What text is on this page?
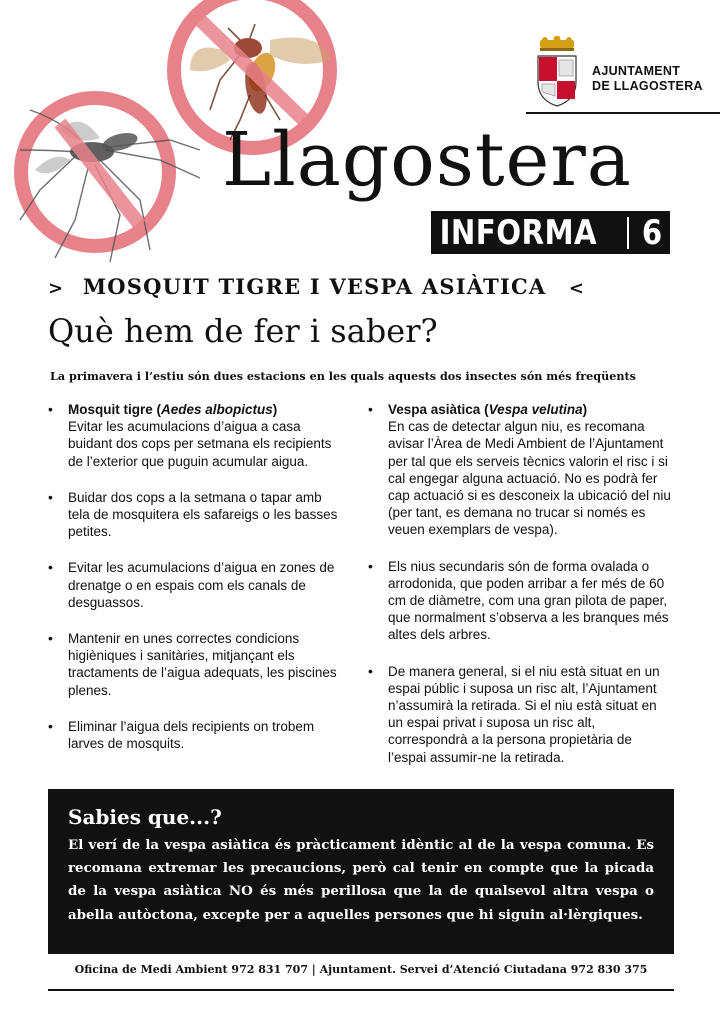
AJUNTAMENT
DE LLAGOSTERA
Llagostera
INFORMA	6
> MOSQUIT TIGRE I VESPA ASIÀTICA <
Què hem de fer i saber?
La primavera i l’estiu són dues estacions en les quals aquests dos insectes són més freqüents
• Mosquit tigre (Aedes albopictus)
Evitar les acumulacions d’aigua a casa buidant dos cops per setmana els recipients de l’exterior que puguin acumular aigua.
• Buidar dos cops a la setmana o tapar amb tela de mosquitera els safareigs o les basses petites.
• Evitar les acumulacions d’aigua en zones de drenatge o en espais com els canals de desguassos.
• Mantenir en unes correctes condicions higièniques i sanitàries, mitjançant els tractaments de l’aigua adequats, les piscines plenes.
• Eliminar l’aigua dels recipients on trobem larves de mosquits.
• Vespa asiàtica (Vespa velutina)
En cas de detectar algun niu, es recomana avisar l’Àrea de Medi Ambient de l’Ajuntament per tal que els serveis tècnics valorin el risc i si cal engegar alguna actuació. No es podrà fer cap actuació si es desconeix la ubicació del niu (per tant, es demana no trucar si només es veuen exemplars de vespa).
• Els nius secundaris són de forma ovalada o arrodonida, que poden arribar a fer més de 60 cm de diàmetre, com una gran pilota de paper, que normalment s’observa a les branques més altes dels arbres.
• De manera general, si el niu està situat en un espai públic i suposa un risc alt, l’Ajuntament n’assumirà la retirada. Si el niu està situat en un espai privat i suposa un risc alt, correspondrà a la persona propietària de l’espai assumir-ne la retirada.
Sabies que...?

El verí de la vespa asiàtica és pràcticament idèntic al de la vespa comuna. Es recomana extremar les precaucions, però cal tenir en compte que la picada de la vespa asiàtica NO és més perillosa que la de qualsevol altra vespa o abella autòctona, excepte per a aquelles persones que hi siguin al·lèrgiques.

Oficina de Medi Ambient 972 831 707 | Ajuntament. Servei d’Atenció Ciutadana 972 830 375
